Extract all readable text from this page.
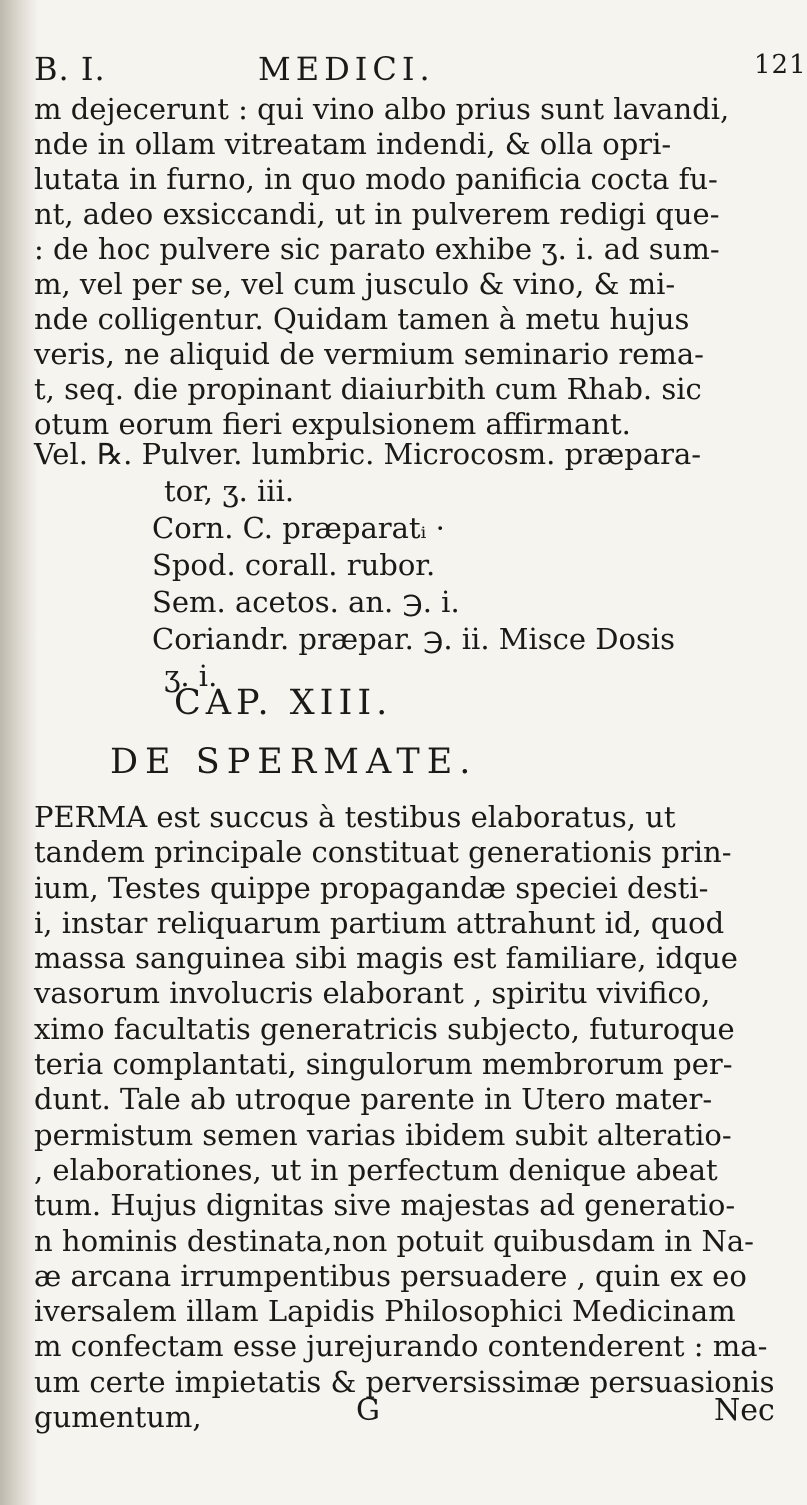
B. I.	MEDICI.	121
m dejecerunt : qui vino albo prius sunt lavandi,
nde in ollam vitreatam indendi, & olla opri-
lutata in furno, in quo modo panificia cocta fu-
nt, adeo exsiccandi, ut in pulverem redigi que-
: de hoc pulvere sic parato exhibe ʒ. i. ad sum-
m, vel per se, vel cum jusculo & vino, & mi-
nde colligentur. Quidam tamen à metu hujus
veris, ne aliquid de vermium seminario rema-
t, seq. die propinant diaiurbith cum Rhab. sic
otum eorum fieri expulsionem affirmant.
Vel. ℞. Pulver. lumbric. Microcosm. præpara-
tor, ʒ. iii.
Corn. C. præparatᵢ ·
Spod. corall. rubor.
Sem. acetos. an. ℈. i.
Coriandr. præpar. ℈. ii. Misce Dosis
ʒ. i.
CAP. XIII.
DE SPERMATE.
PERMA est succus à testibus elaboratus, ut
tandem principale constituat generationis prin-
ium, Testes quippe propagandæ speciei desti-
i, instar reliquarum partium attrahunt id, quod
massa sanguinea sibi magis est familiare, idque
vasorum involucris elaborant , spiritu vivifico,
ximo facultatis generatricis subjecto, futuroque
teria complantati, singulorum membrorum per-
dunt. Tale ab utroque parente in Utero mater-
permistum semen varias ibidem subit alteratio-
, elaborationes, ut in perfectum denique abeat
tum. Hujus dignitas sive majestas ad generatio-
n hominis destinata,non potuit quibusdam in Na-
æ arcana irrumpentibus persuadere , quin ex eo
iversalem illam Lapidis Philosophici Medicinam
m confectam esse jurejurando contenderent : ma-
um certe impietatis & perversissimæ persuasionis
gumentum,	G	Nec
